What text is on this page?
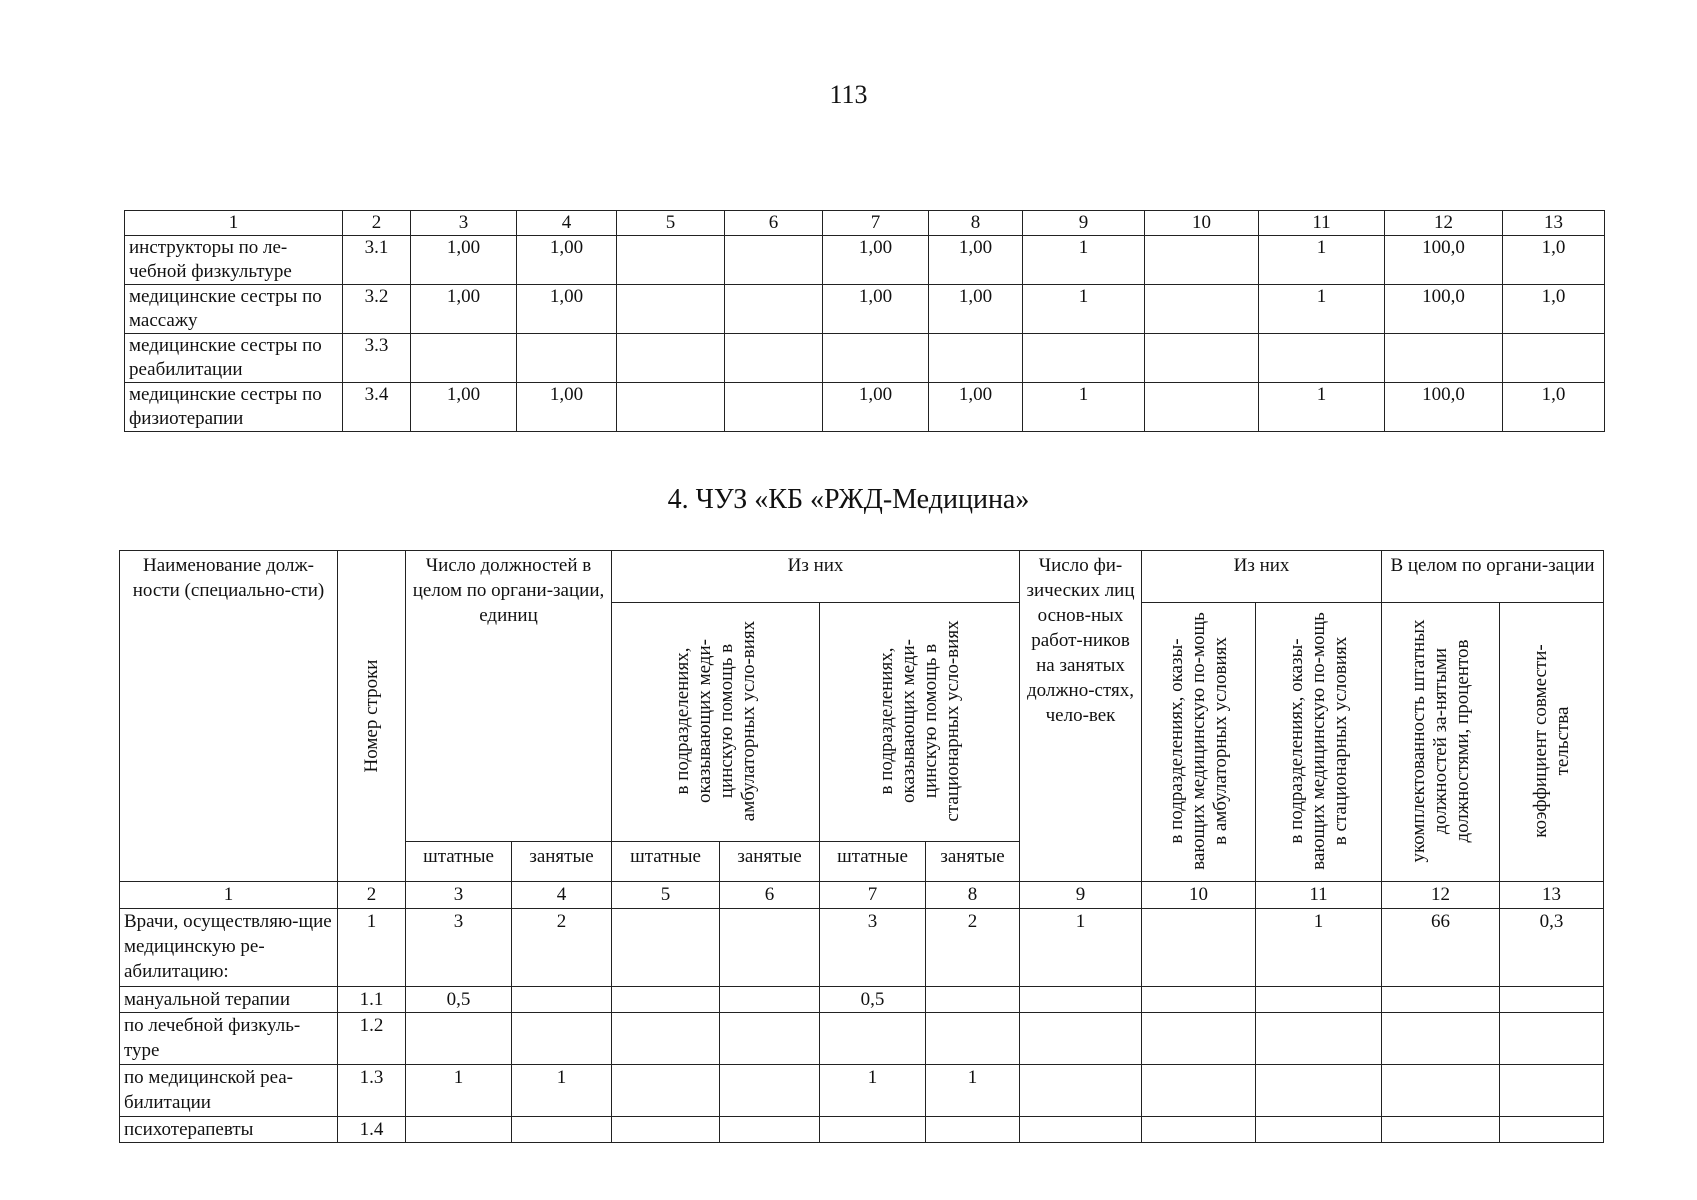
113
1	2	3	4	5	6	7	8	9	10	11	12	13
инструкторы по ле-чебной физкультуре	3.1	1,00	1,00			1,00	1,00	1		1	100,0	1,0
медицинские сестры по массажу	3.2	1,00	1,00			1,00	1,00	1		1	100,0	1,0
медицинские сестры по реабилитации	3.3											
медицинские сестры по физиотерапии	3.4	1,00	1,00			1,00	1,00	1		1	100,0	1,0
4. ЧУЗ «КБ «РЖД-Медицина»
Наименование долж-ности (специально-сти)	Номер строки	Число должностей в целом по органи-зации, единиц		Из них				Число фи-зических лиц основ-ных работ-ников на занятых должно-стях, чело-век	Из них		В целом по органи-зации	

				в подразделениях, оказывающих меди-цинскую помощь в амбулаторных усло-виях		в подразделениях, оказывающих меди-цинскую помощь в стационарных усло-виях			в подразделениях, оказы-вающих медицинскую по-мощь в амбулаторных условиях	в подразделениях, оказы-вающих медицинскую по-мощь в стационарных условиях	укомплектованность штатных должностей за-нятыми должностями, процентов	коэффициент совмести-тельства

		штатные	занятые	штатные	занятые	штатные	занятые					
1	2	3	4	5	6	7	8	9	10	11	12	13
Врачи, осуществляю-щие медицинскую ре-абилитацию:	1	3	2			3	2	1		1	66	0,3
мануальной терапии	1.1	0,5				0,5						
по лечебной физкуль-туре	1.2											
по медицинской реа-билитации	1.3	1	1			1	1					
психотерапевты	1.4											
